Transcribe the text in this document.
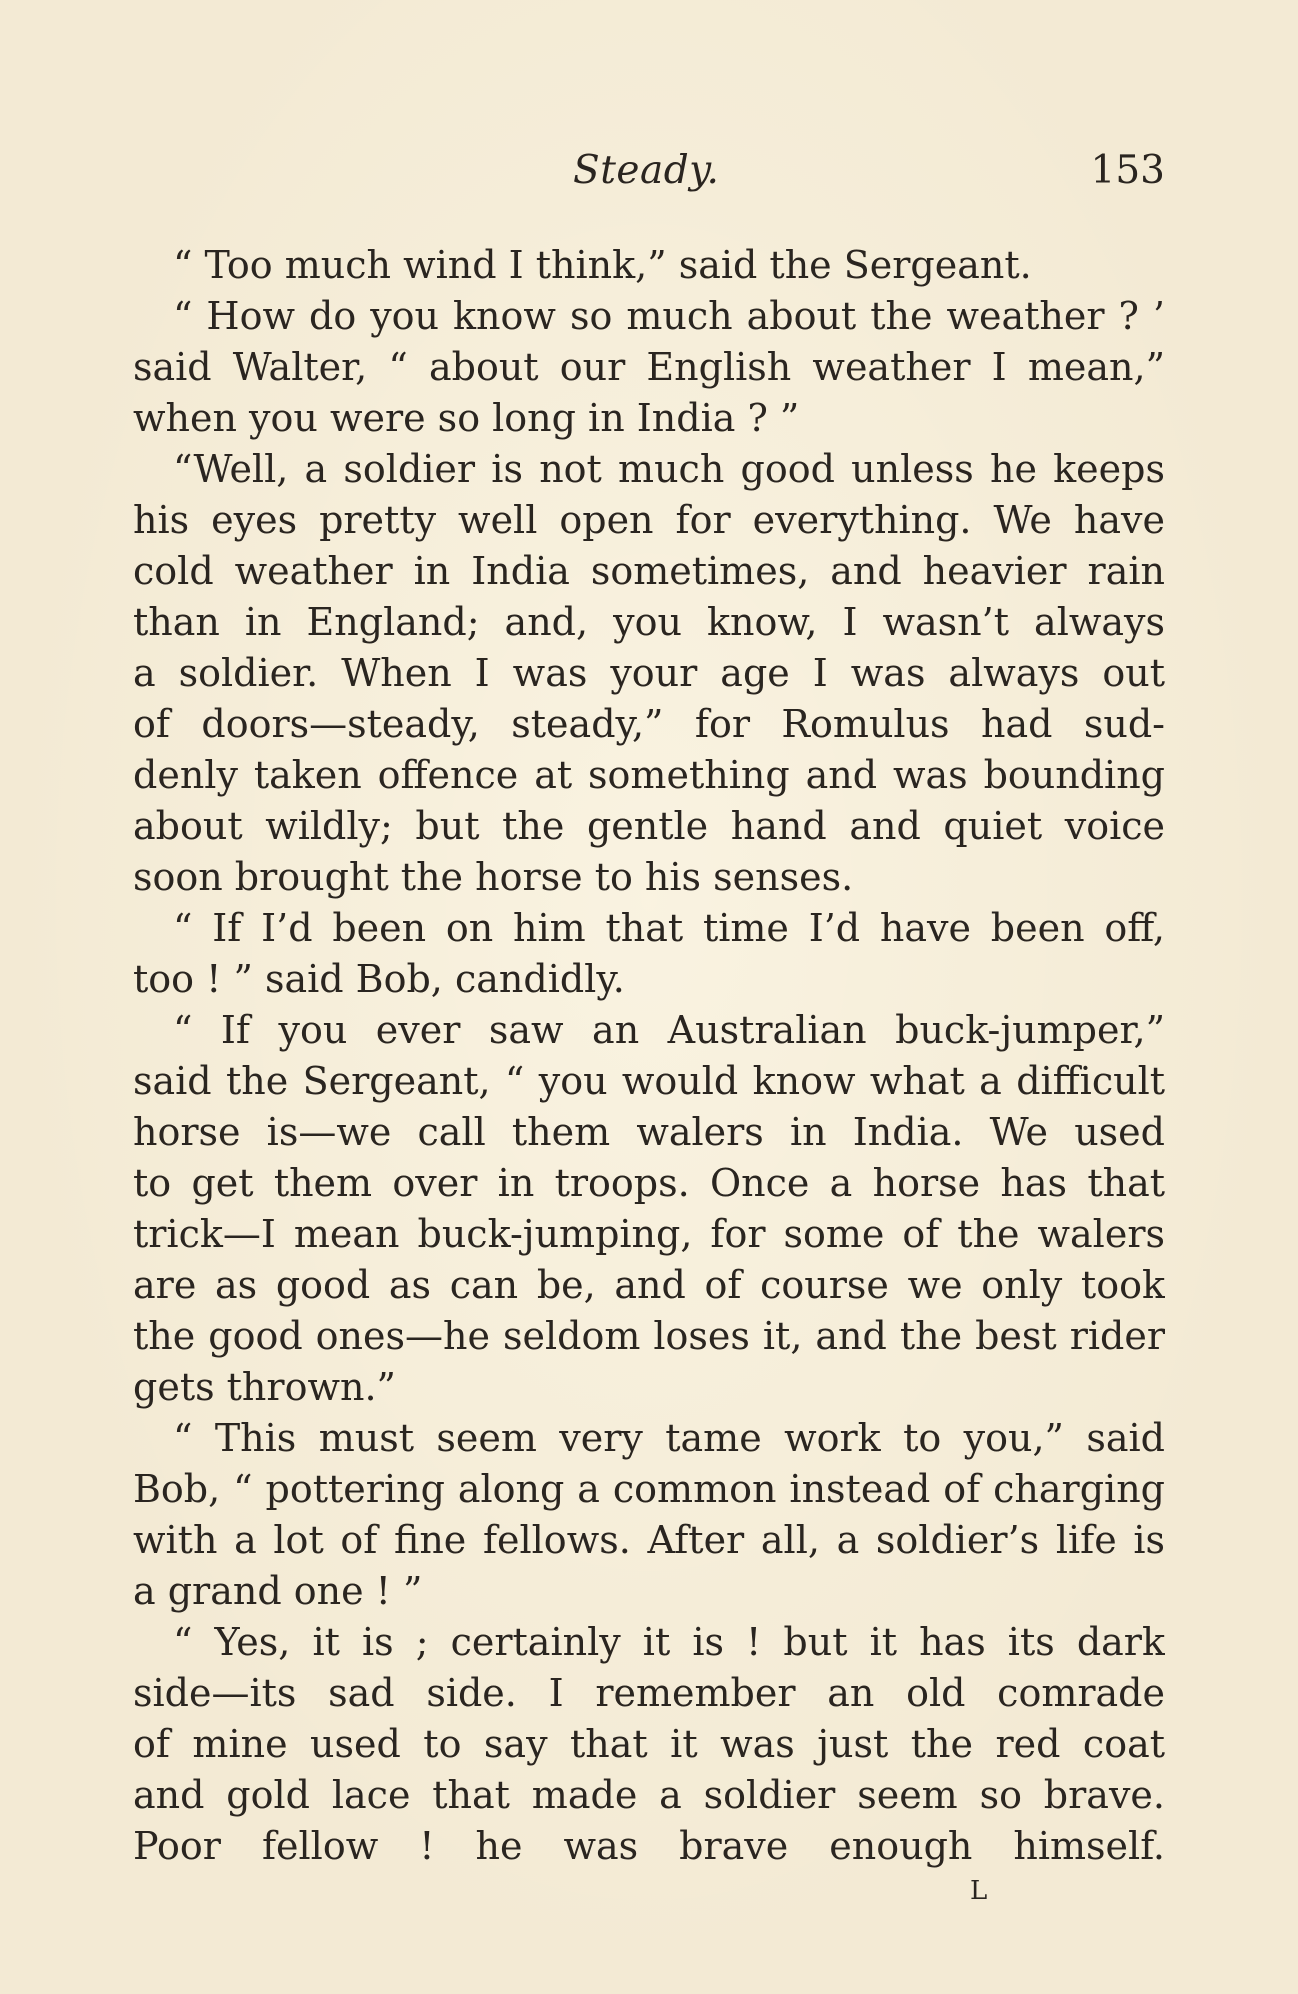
Steady.	153
“ Too much wind I think,” said the Sergeant.
“ How do you know so much about the weather ? ’
said Walter, “ about our English weather I mean,”
when you were so long in India ? ”
“Well, a soldier is not much good unless he keeps
his eyes pretty well open for everything. We have
cold weather in India sometimes, and heavier rain
than in England; and, you know, I wasn’t always
a soldier. When I was your age I was always out
of doors—steady, steady,” for Romulus had sud-
denly taken offence at something and was bounding
about wildly; but the gentle hand and quiet voice
soon brought the horse to his senses.
“ If I’d been on him that time I’d have been off,
too ! ” said Bob, candidly.
“ If you ever saw an Australian buck-jumper,”
said the Sergeant, “ you would know what a difficult
horse is—we call them walers in India. We used
to get them over in troops. Once a horse has that
trick—I mean buck-jumping, for some of the walers
are as good as can be, and of course we only took
the good ones—he seldom loses it, and the best rider
gets thrown.”
“ This must seem very tame work to you,” said
Bob, “ pottering along a common instead of charging
with a lot of fine fellows. After all, a soldier’s life is
a grand one ! ”
“ Yes, it is ; certainly it is ! but it has its dark
side—its sad side. I remember an old comrade
of mine used to say that it was just the red coat
and gold lace that made a soldier seem so brave.
Poor fellow ! he was brave enough himself.
L
